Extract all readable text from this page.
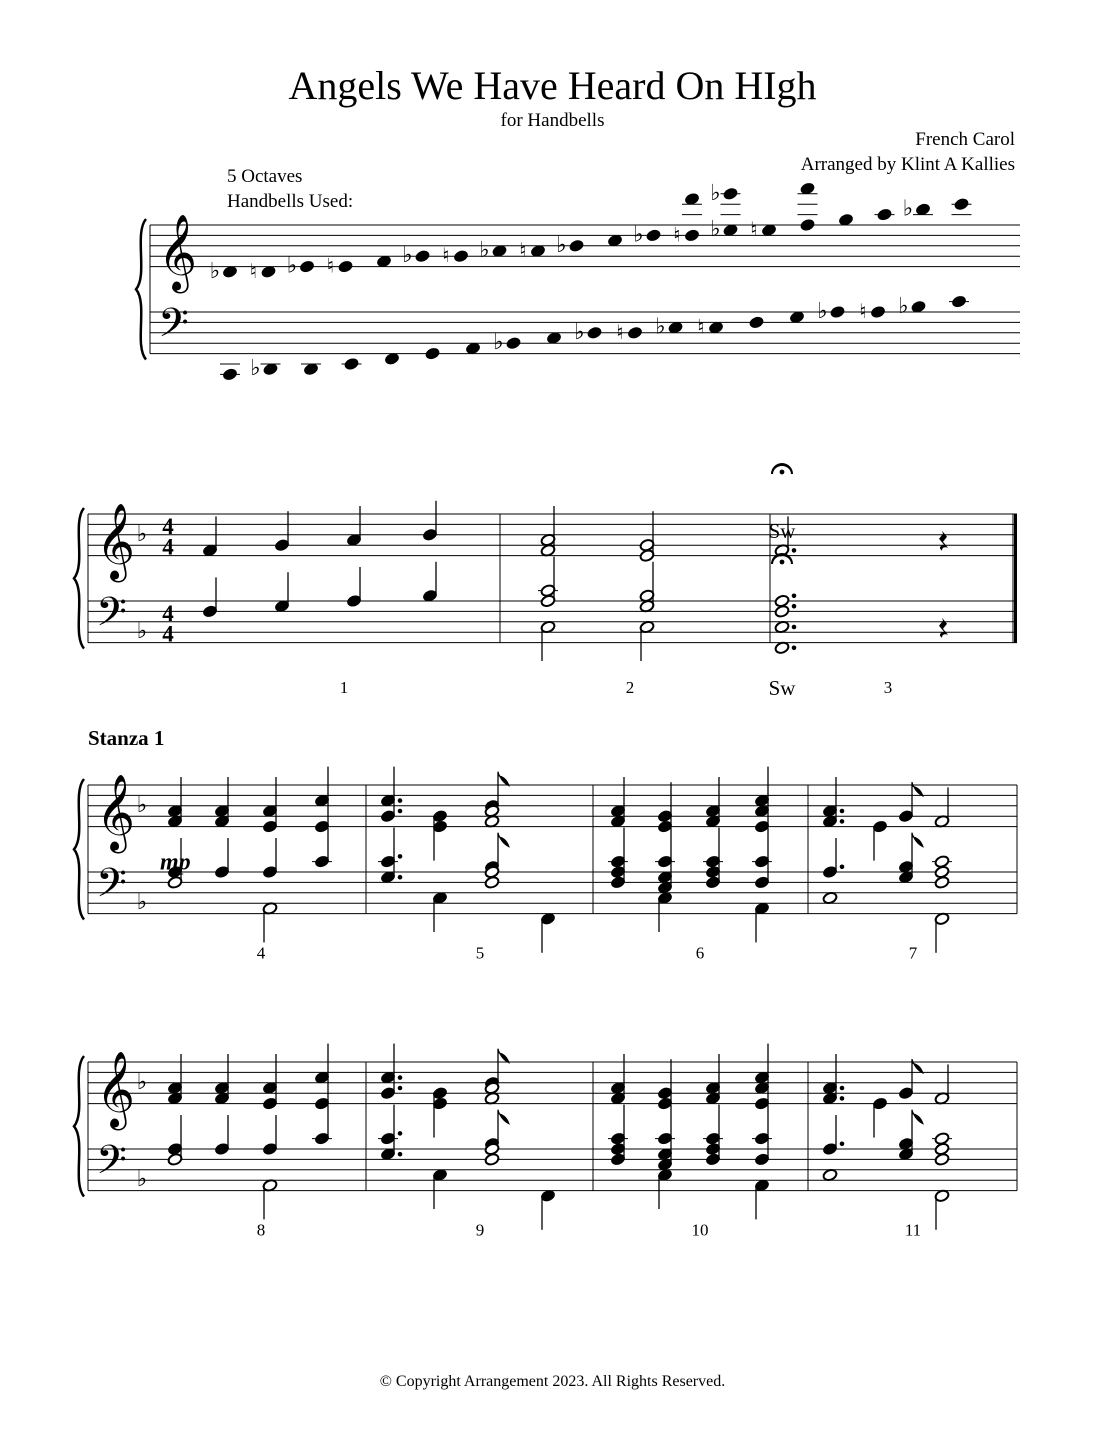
Angels We Have Heard On HIgh
for Handbells
French Carol
Arranged by Klint A Kallies
5 Octaves
Handbells Used:
Stanza 1
© Copyright Arrangement 2023. All Rights Reserved.
𝄞
𝄢
♭ ♮ ♭ ♮	♭ ♮ ♭ ♮ ♭	♭ ♮ ♭
♭
♮
♭
♭
♭	♭ ♮ ♭ ♮
♭ ♮ ♭
𝄞
𝄢
♭
♭
4
4
4
4
Sw
Sw
1	2	3
𝄞
𝄢
♭
♭
mp
4	5	6	7
𝄞
𝄢
♭
♭
8	9	10	11
